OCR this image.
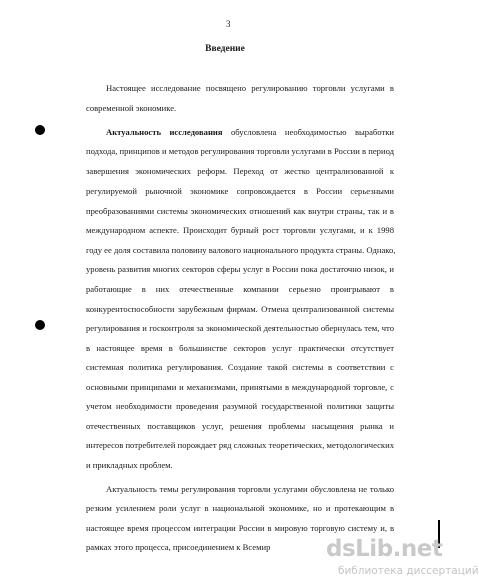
3
Введение
Настоящее исследование посвящено регулированию торговли услугами в
современной экономике.
Актуальность исследования обусловлена необходимостью выработки
подхода, принципов и методов регулирования торговли услугами в России в период
завершения экономических реформ. Переход от жестко централизованной к
регулируемой рыночной экономике сопровождается в России серьезными
преобразованиями системы экономических отношений как внутри страны, так и в
международном аспекте. Происходит бурный рост торговли услугами, и к 1998
году ее доля составила половину валового национального продукта страны. Однако,
уровень развития многих секторов сферы услуг в России пока достаточно низок, и
работающие в них отечественные компании серьезно проигрывают в
конкурентоспособности зарубежным фирмам. Отмена централизованной системы
регулирования и госконтроля за экономической деятельностью обернулась тем, что
в настоящее время в большинстве секторов услуг практически отсутствует
системная политика регулирования. Создание такой системы в соответствии с
основными принципами и механизмами, принятыми в международной торговле, с
учетом необходимости проведения разумной государственной политики защиты
отечественных поставщиков услуг, решения проблемы насыщения рынка и
интересов потребителей порождает ряд сложных теоретических, методологических
и прикладных проблем.
Актуальность темы регулирования торговли услугами обусловлена не только
резким усилением роли услуг в национальной экономике, но и протекающим в
настоящее время процессом интеграции России в мировую торговую систему и, в
рамках этого процесса, присоединением к Всемир	dsLib.net
библиотека диссертаций
